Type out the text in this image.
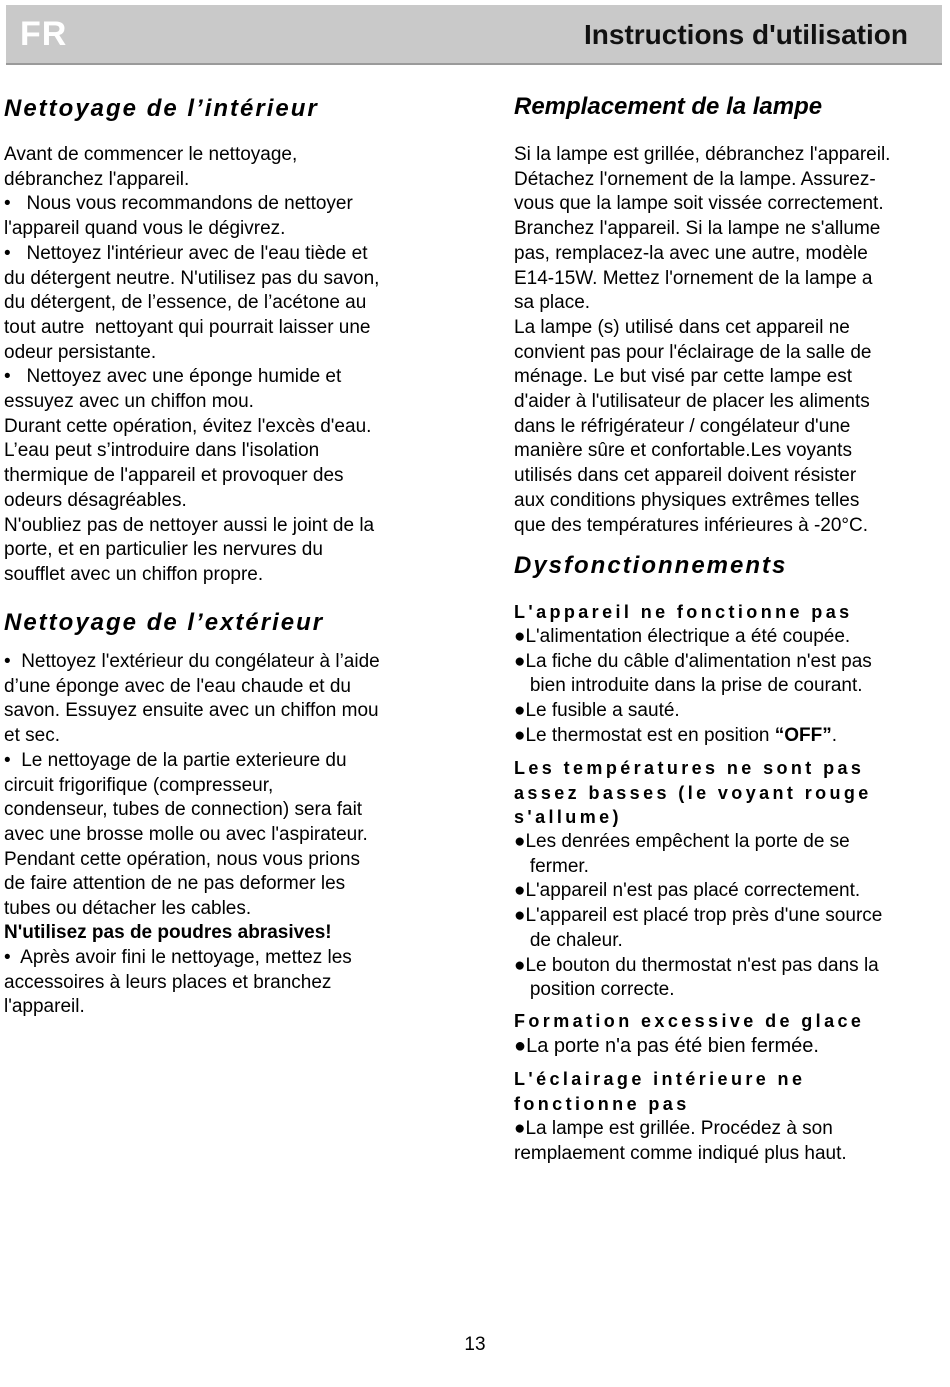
FR	Instructions d'utilisation
Nettoyage de l’intérieur

Avant de commencer le nettoyage,
débranchez l'appareil.
•   Nous vous recommandons de nettoyer
l'appareil quand vous le dégivrez.
•   Nettoyez l'intérieur avec de l'eau tiède et
du détergent neutre. N'utilisez pas du savon,
du détergent, de l’essence, de l’acétone au
tout autre  nettoyant qui pourrait laisser une
odeur persistante.
•   Nettoyez avec une éponge humide et
essuyez avec un chiffon mou.
Durant cette opération, évitez l'excès d'eau.
L’eau peut s’introduire dans l'isolation
thermique de l'appareil et provoquer des
odeurs désagréables.
N'oubliez pas de nettoyer aussi le joint de la
porte, et en particulier les nervures du
soufflet avec un chiffon propre.

Nettoyage de l’extérieur

•  Nettoyez l'extérieur du congélateur à l’aide
d’une éponge avec de l'eau chaude et du
savon. Essuyez ensuite avec un chiffon mou
et sec.
•  Le nettoyage de la partie exterieure du
circuit frigorifique (compresseur,
condenseur, tubes de connection) sera fait
avec une brosse molle ou avec l'aspirateur.
Pendant cette opération, nous vous prions
de faire attention de ne pas deformer les
tubes ou détacher les cables.

N'utilisez pas de poudres abrasives!

•  Après avoir fini le nettoyage, mettez les
accessoires à leurs places et branchez
l'appareil.

Remplacement de la lampe

Si la lampe est grillée, débranchez l'appareil.
Détachez l'ornement de la lampe. Assurez-
vous que la lampe soit vissée correctement.
Branchez l'appareil. Si la lampe ne s'allume
pas, remplacez-la avec une autre, modèle
E14-15W. Mettez l'ornement de la lampe a
sa place.
La lampe (s) utilisé dans cet appareil ne
convient pas pour l'éclairage de la salle de
ménage. Le but visé par cette lampe est
d'aider à l'utilisateur de placer les aliments
dans le réfrigérateur / congélateur d'une
manière sûre et confortable.Les voyants
utilisés dans cet appareil doivent résister
aux conditions physiques extrêmes telles
que des températures inférieures à -20°C.

Dysfonctionnements

L'appareil ne fonctionne pas

●L'alimentation électrique a été coupée.
●La fiche du câble d'alimentation n'est pas
bien introduite dans la prise de courant.
●Le fusible a sauté.

●Le thermostat est en position “OFF”.

Les températures ne sont pas
assez basses (le voyant rouge
s'allume)

●Les denrées empêchent la porte de se
fermer.
●L'appareil n'est pas placé correctement.
●L'appareil est placé trop près d'une source
de chaleur.
●Le bouton du thermostat n'est pas dans la
position correcte.

Formation excessive de glace

●La porte n'a pas été bien fermée.

L'éclairage intérieure ne
fonctionne pas

●La lampe est grillée. Procédez à son
remplaement comme indiqué plus haut.

13
